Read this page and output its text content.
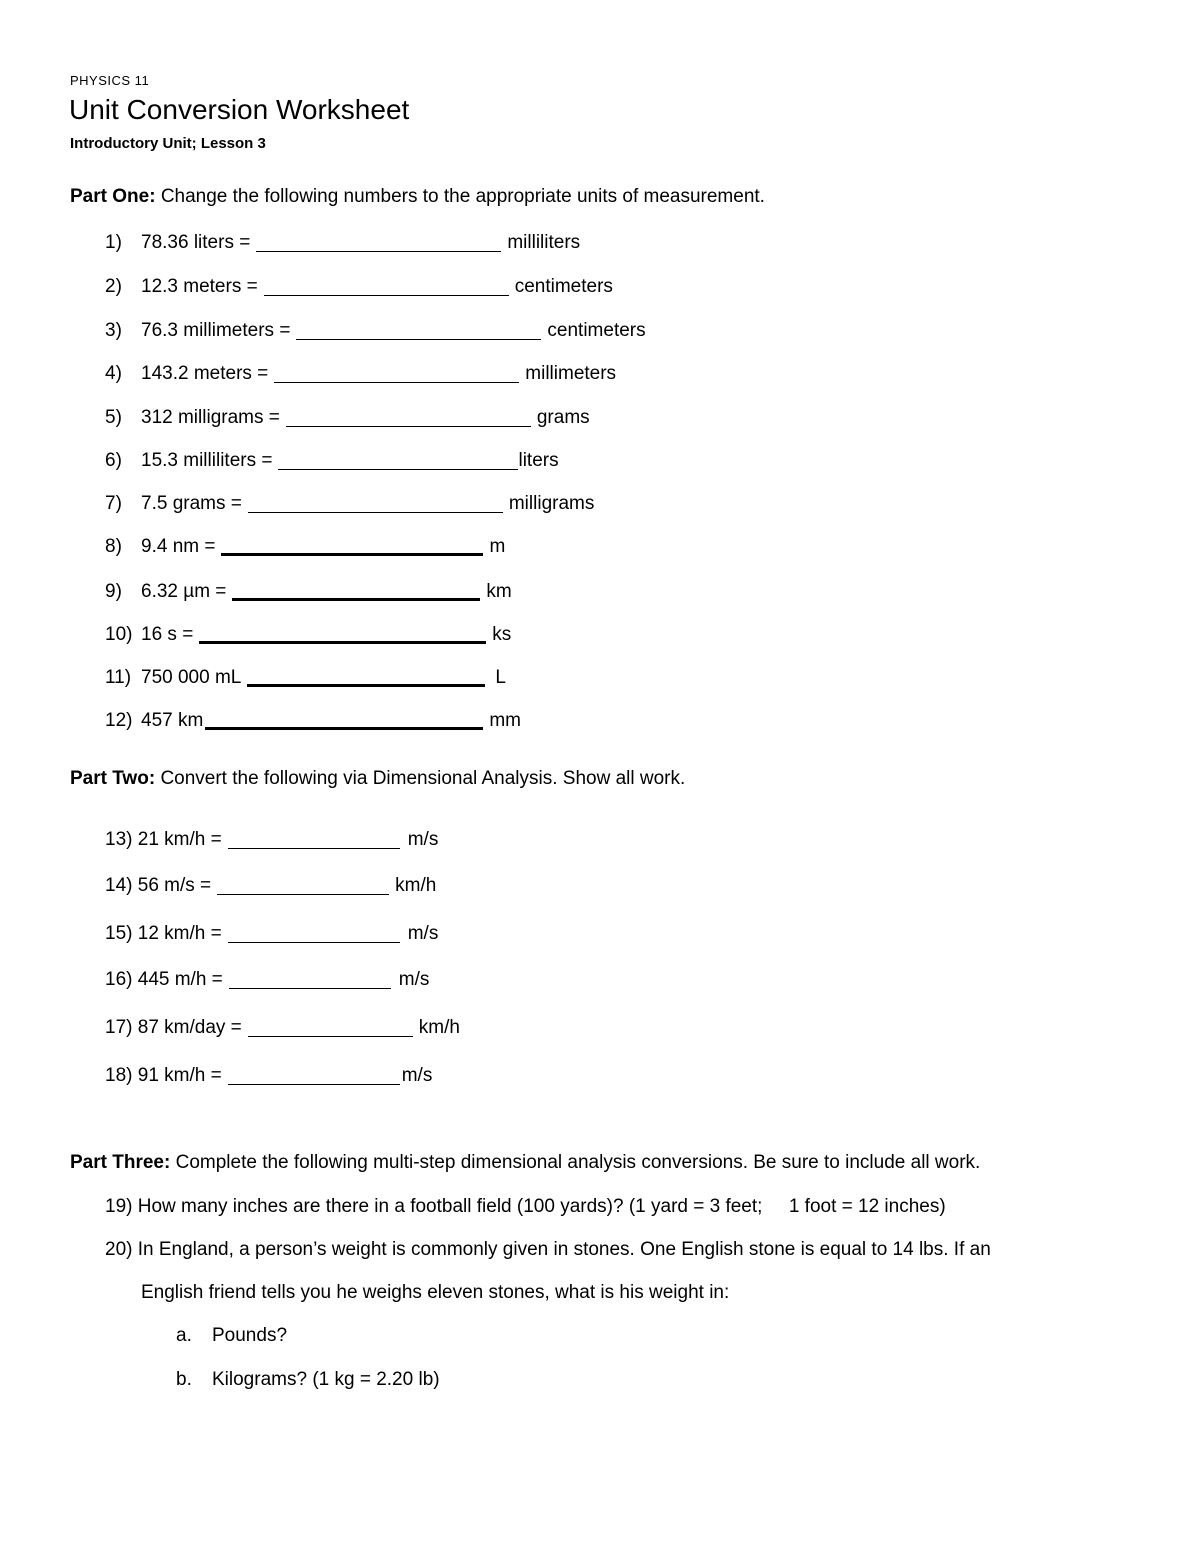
PHYSICS 11
Unit Conversion Worksheet
Introductory Unit; Lesson 3
Part One: Change the following numbers to the appropriate units of measurement.
1)	78.36 liters =	milliliters
2)	12.3 meters =	centimeters
3)	76.3 millimeters =	centimeters
4)	143.2 meters =	millimeters
5)	312 milligrams =	grams
6)	15.3 milliliters =	liters
7)	7.5 grams =	milligrams
8)	9.4 nm =	m
9)	6.32 µm =	km
10) 16 s =	ks
11) 750 000 mL	L
12) 457 km	mm
Part Two: Convert the following via Dimensional Analysis. Show all work.
13)
21 km/h =	m/s
14)
56 m/s =	km/h
15)
12 km/h =	m/s
16)
445 m/h =	m/s
17)
87 km/day =	km/h
18)
91 km/h =	m/s
Part Three: Complete the following multi-step dimensional analysis conversions. Be sure to include all work.
19) How many inches are there in a football field (100 yards)? (1 yard = 3 feet;     1 foot = 12 inches)
20) In England, a person’s weight is commonly given in stones. One English stone is equal to 14 lbs. If an
English friend tells you he weighs eleven stones, what is his weight in:
a. Pounds?
b. Kilograms? (1 kg = 2.20 lb)
